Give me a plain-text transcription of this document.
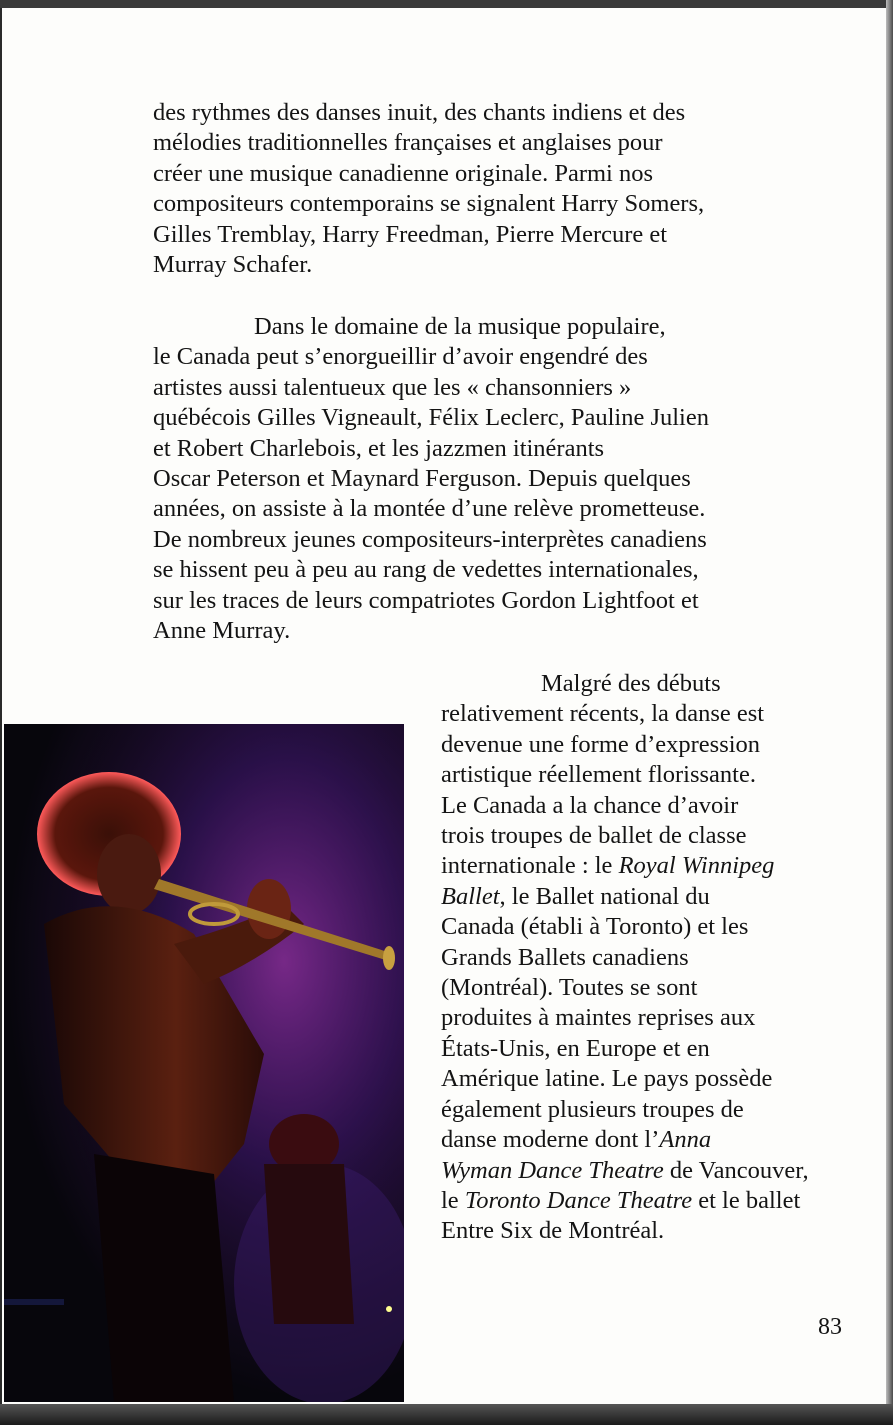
des rythmes des danses inuit, des chants indiens et des
mélodies traditionnelles françaises et anglaises pour
créer une musique canadienne originale. Parmi nos
compositeurs contemporains se signalent Harry Somers,
Gilles Tremblay, Harry Freedman, Pierre Mercure et
Murray Schafer.
Dans le domaine de la musique populaire,
le Canada peut s’enorgueillir d’avoir engendré des
artistes aussi talentueux que les « chansonniers »
québécois Gilles Vigneault, Félix Leclerc, Pauline Julien
et Robert Charlebois, et les jazzmen itinérants
Oscar Peterson et Maynard Ferguson. Depuis quelques
années, on assiste à la montée d’une relève prometteuse.
De nombreux jeunes compositeurs-interprètes canadiens
se hissent peu à peu au rang de vedettes internationales,
sur les traces de leurs compatriotes Gordon Lightfoot et
Anne Murray.
Malgré des débuts
relativement récents, la danse est
devenue une forme d’expression
artistique réellement florissante.
Le Canada a la chance d’avoir
trois troupes de ballet de classe
internationale : le Royal Winnipeg
Ballet, le Ballet national du
Canada (établi à Toronto) et les
Grands Ballets canadiens
(Montréal). Toutes se sont
produites à maintes reprises aux
États-Unis, en Europe et en
Amérique latine. Le pays possède
également plusieurs troupes de
danse moderne dont l’Anna
Wyman Dance Theatre de Vancouver,
le Toronto Dance Theatre et le ballet
Entre Six de Montréal.
83
